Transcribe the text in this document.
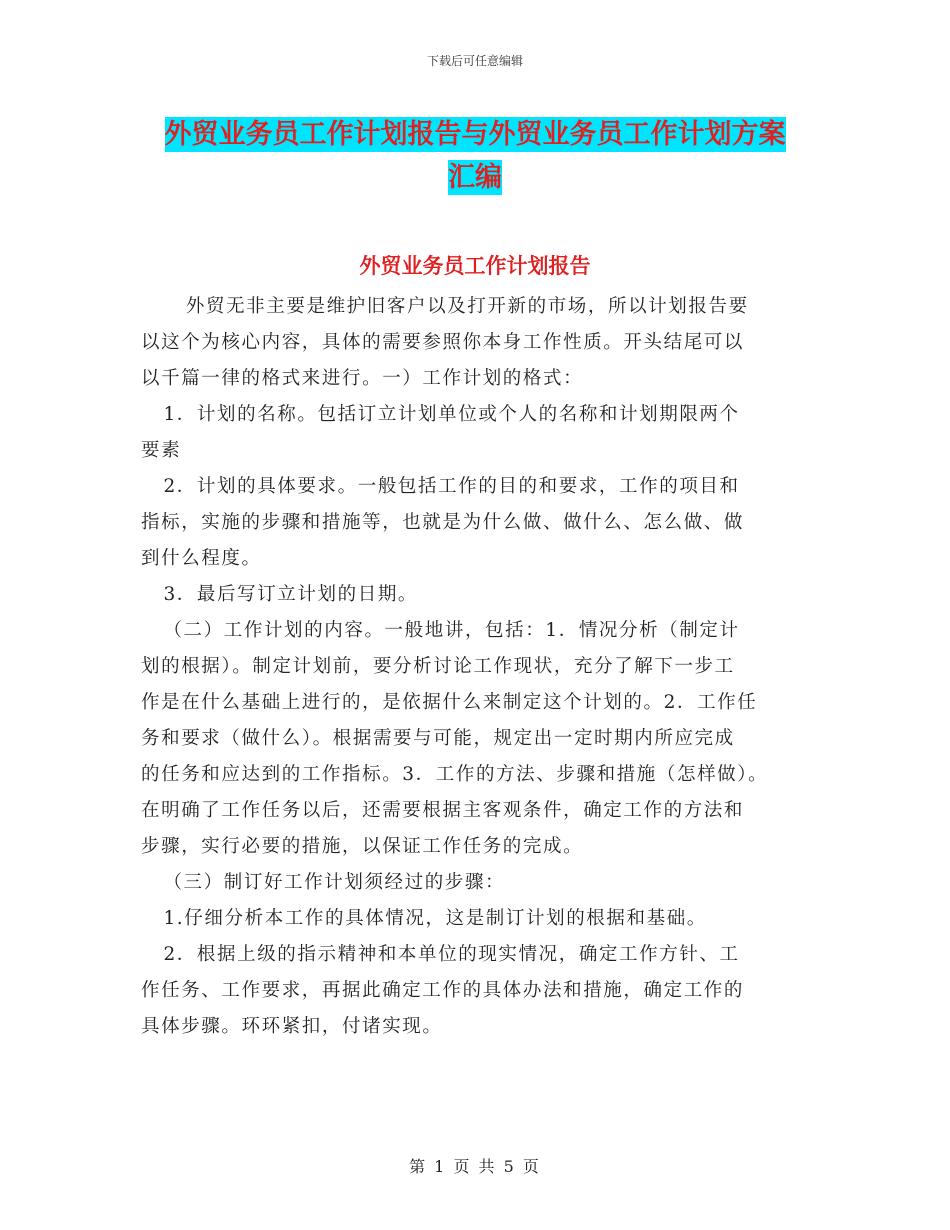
下载后可任意编辑
外贸业务员工作计划报告与外贸业务员工作计划方案
汇编
外贸业务员工作计划报告
外贸无非主要是维护旧客户以及打开新的市场，所以计划报告要
以这个为核心内容，具体的需要参照你本身工作性质。开头结尾可以
以千篇一律的格式来进行。一）工作计划的格式：
1．计划的名称。包括订立计划单位或个人的名称和计划期限两个
要素
2．计划的具体要求。一般包括工作的目的和要求，工作的项目和
指标，实施的步骤和措施等，也就是为什么做、做什么、怎么做、做
到什么程度。
3．最后写订立计划的日期。
（二）工作计划的内容。一般地讲，包括：1．情况分析（制定计
划的根据）。制定计划前，要分析讨论工作现状，充分了解下一步工
作是在什么基础上进行的，是依据什么来制定这个计划的。2．工作任
务和要求（做什么）。根据需要与可能，规定出一定时期内所应完成
的任务和应达到的工作指标。3．工作的方法、步骤和措施（怎样做）。
在明确了工作任务以后，还需要根据主客观条件，确定工作的方法和
步骤，实行必要的措施，以保证工作任务的完成。
（三）制订好工作计划须经过的步骤：
1.仔细分析本工作的具体情况，这是制订计划的根据和基础。
2．根据上级的指示精神和本单位的现实情况，确定工作方针、工
作任务、工作要求，再据此确定工作的具体办法和措施，确定工作的
具体步骤。环环紧扣，付诸实现。
第 1 页 共 5 页
